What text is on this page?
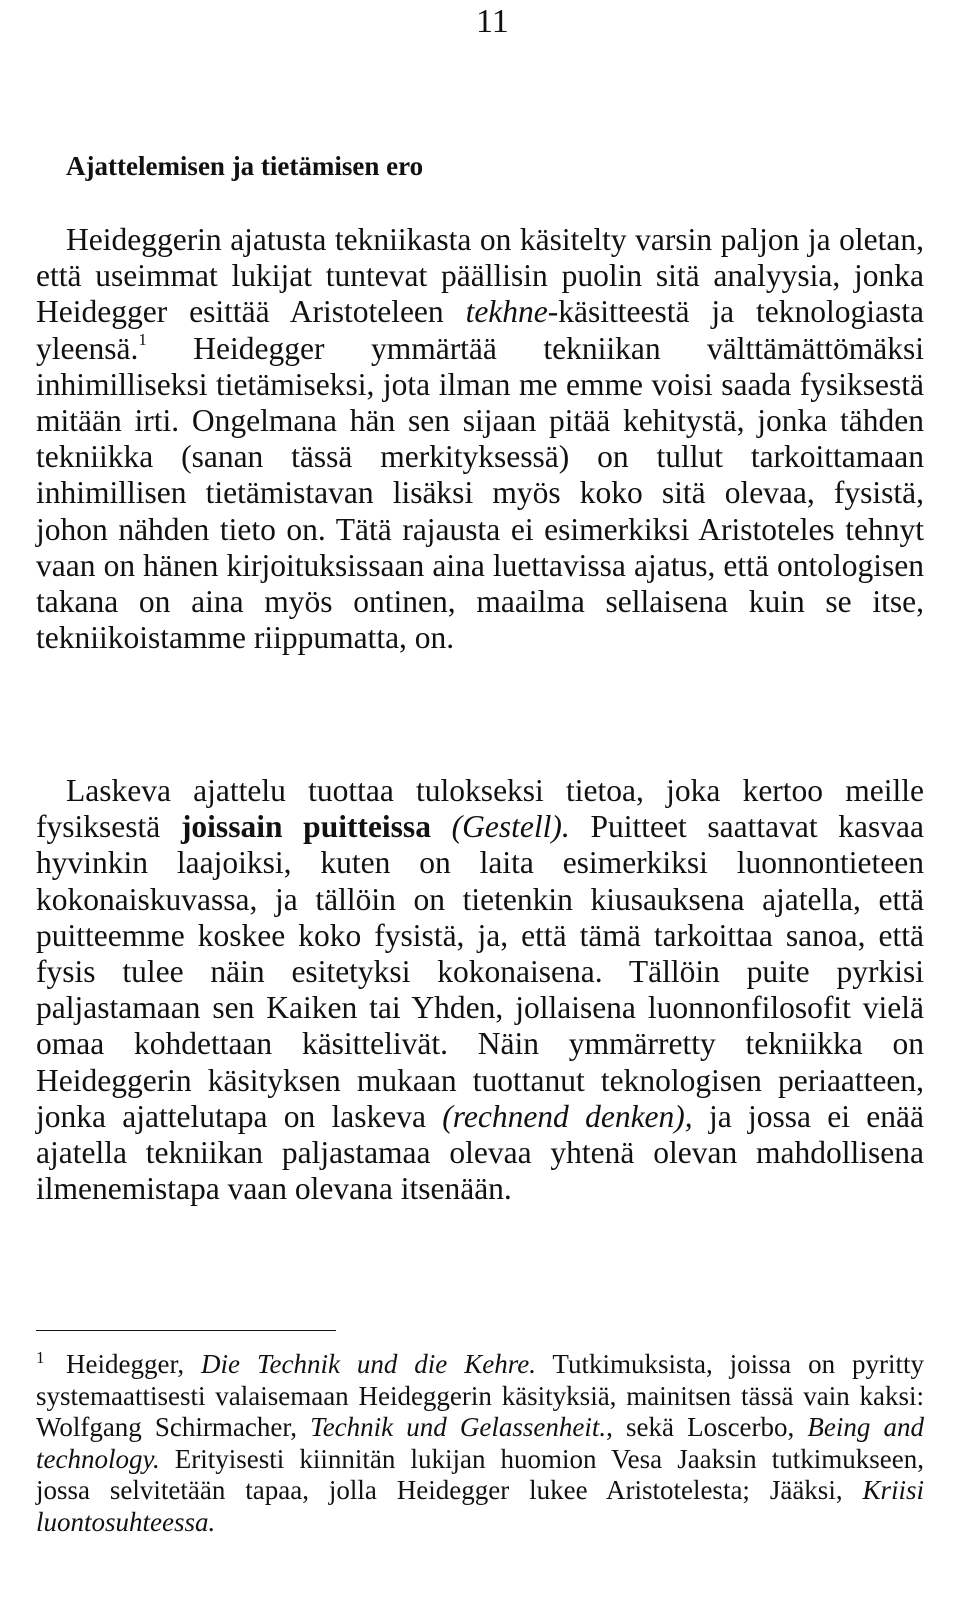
11
Ajattelemisen ja tietämisen ero

Heideggerin ajatusta tekniikasta on käsitelty varsin paljon ja oletan, että useimmat lukijat tuntevat päällisin puolin sitä analyysia, jonka Heidegger esittää Aristoteleen tekhne-käsitteestä ja teknologiasta yleensä.$^1$ Heidegger ymmärtää tekniikan välttämättömäksi inhimilliseksi tietämiseksi, jota ilman me emme voisi saada fysiksestä mitään irti. Ongelmana hän sen sijaan pitää kehitystä, jonka tähden tekniikka (sanan tässä merkityksessä) on tullut tarkoittamaan inhimillisen tietämistavan lisäksi myös koko sitä olevaa, fysistä, johon nähden tieto on. Tätä rajausta ei esimerkiksi Aristoteles tehnyt vaan on hänen kirjoituksissaan aina luettavissa ajatus, että ontologisen takana on aina myös ontinen, maailma sellaisena kuin se itse, tekniikoistamme riippumatta, on.

Laskeva ajattelu tuottaa tulokseksi tietoa, joka kertoo meille fysiksestä joissain puitteissa (Gestell). Puitteet saattavat kasvaa hyvinkin laajoiksi, kuten on laita esimerkiksi luonnontieteen kokonaiskuvassa, ja tällöin on tietenkin kiusauksena ajatella, että puitteemme koskee koko fysistä, ja, että tämä tarkoittaa sanoa, että fysis tulee näin esitetyksi kokonaisena. Tällöin puite pyrkisi paljastamaan sen Kaiken tai Yhden, jollaisena luonnonfilosofit vielä omaa kohdettaan käsittelivät. Näin ymmärretty tekniikka on Heideggerin käsityksen mukaan tuottanut teknologisen periaatteen, jonka ajattelutapa on laskeva (rechnend denken), ja jossa ei enää ajatella tekniikan paljastamaa olevaa yhtenä olevan mahdollisena ilmenemistapa vaan olevana itsenään.

1 Heidegger, Die Technik und die Kehre. Tutkimuksista, joissa on pyritty systemaattisesti valaisemaan Heideggerin käsityksiä, mainitsen tässä vain kaksi: Wolfgang Schirmacher, Technik und Gelassenheit., sekä Loscerbo, Being and technology. Erityisesti kiinnitän lukijan huomion Vesa Jaaksin tutkimukseen, jossa selvitetään tapaa, jolla Heidegger lukee Aristotelesta; Jääksi, Kriisi luontosuhteessa.
